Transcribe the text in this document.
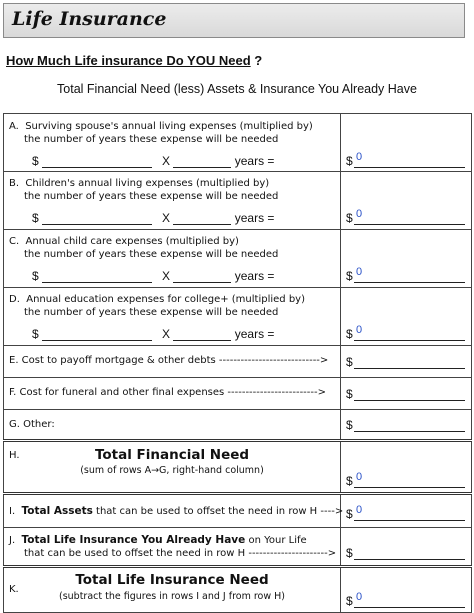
Life Insurance
How Much Life insurance Do YOU Need ?
Total Financial Need (less) Assets & Insurance You Already Have
A. Surviving spouse's annual living expenses (multiplied by)
the number of years these expense will be needed
$ X years =	$ 0

B. Children's annual living expenses (multiplied by)
the number of years these expense will be needed
$ X years =	$ 0

C. Annual child care expenses (multiplied by)
the number of years these expense will be needed
$ X years =	$ 0

D. Annual education expenses for college+ (multiplied by)
the number of years these expense will be needed
$ X years =	$ 0

E. Cost to payoff mortgage & other debts ---------------------------->	$

F. Cost for funeral and other final expenses ------------------------->	$

G. Other:	$

H. Total Financial Need
(sum of rows A→G, right-hand column)	$ 0

I. Total Assets that can be used to offset the need in row H ---->	$ 0

J. Total Life Insurance You Already Have on Your Life
that can be used to offset the need in row H ---------------------->	$

K.
Total Life Insurance Need
(subtract the figures in rows I and J from row H)	$ 0
